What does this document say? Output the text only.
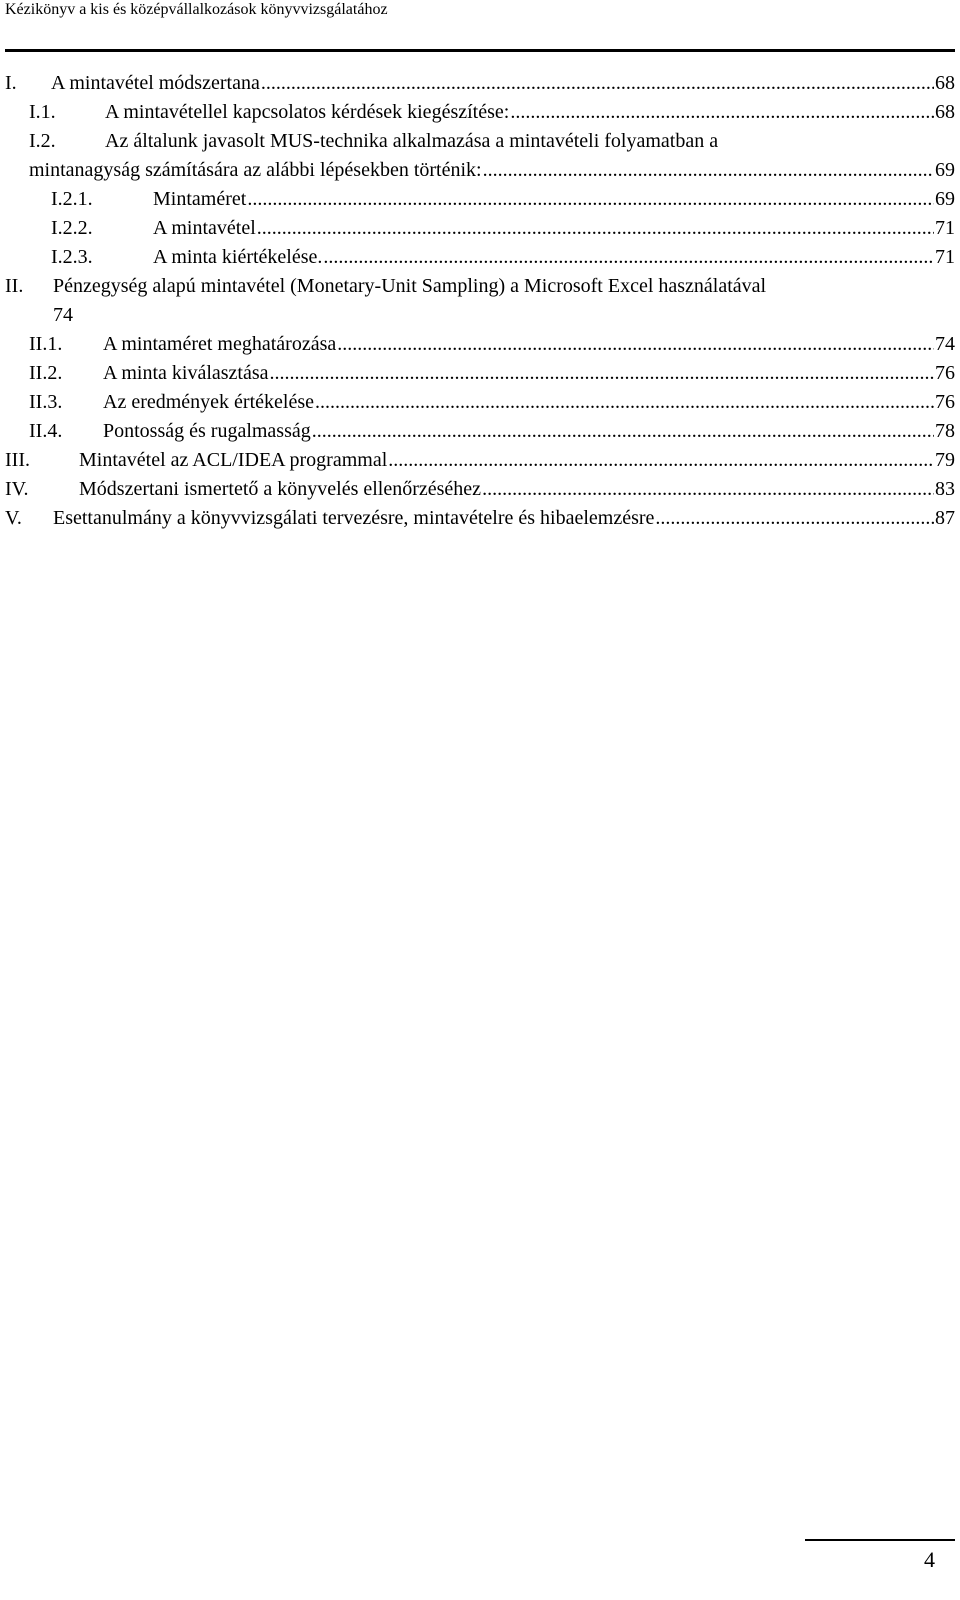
Kézikönyv a kis és középvállalkozások könyvvizsgálatához
I.	A mintavétel módszertana .....	68
I.1.	A mintavétellel kapcsolatos kérdések kiegészítése: .....	68
I.2. Az általunk javasolt MUS-technika alkalmazása a mintavételi folyamatban a
mintanagyság számítására az alábbi lépésekben történik: .....	69
I.2.1.	Mintaméret .....	69
I.2.2.	A mintavétel .....	71
I.2.3.	A minta kiértékelése. .....	71
II. Pénzegység alapú mintavétel (Monetary-Unit Sampling) a Microsoft Excel használatával
74
II.1.	A mintaméret meghatározása .....	74
II.2.	A minta kiválasztása .....	76
II.3.	Az eredmények értékelése .....	76
II.4.	Pontosság és rugalmasság .....	78
III.	Mintavétel az ACL/IDEA programmal .....	79
IV.	Módszertani ismertető a könyvelés ellenőrzéséhez .....	83
V.	Esettanulmány a könyvvizsgálati tervezésre, mintavételre és hibaelemzésre .....	87
4
